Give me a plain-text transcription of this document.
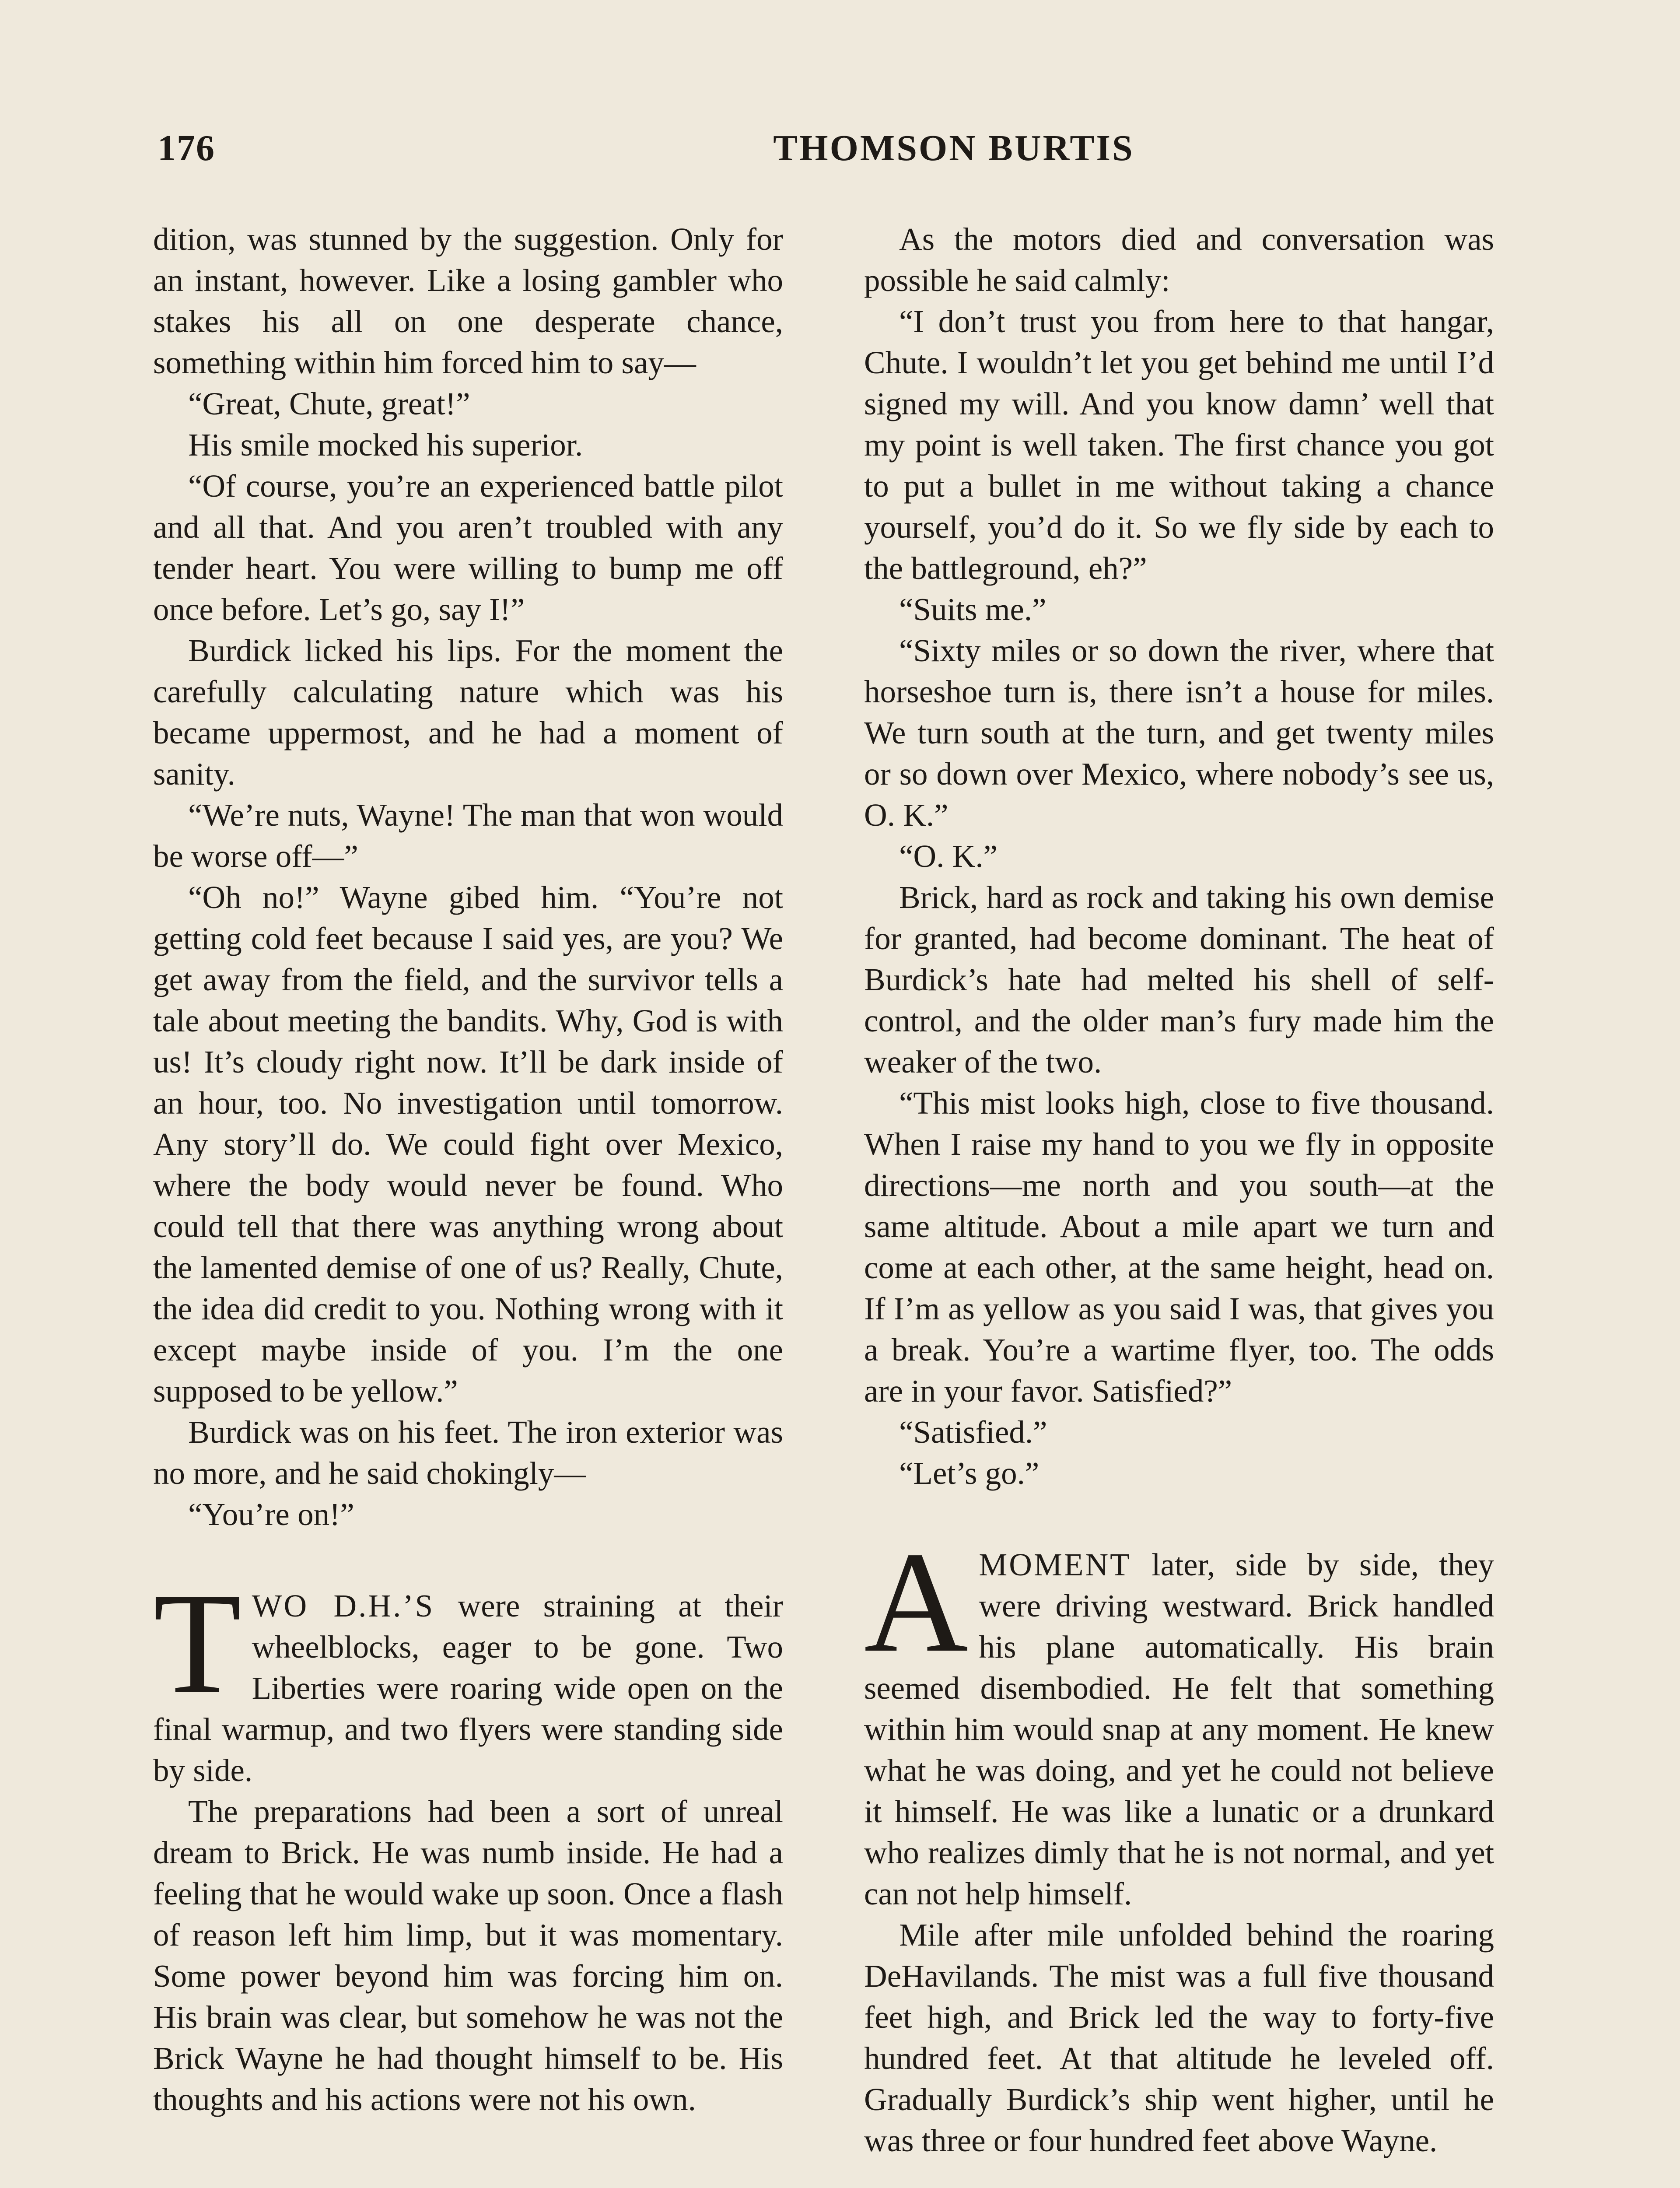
176	THOMSON BURTIS

dition, was stunned by the suggestion. Only for an instant, however. Like a losing gambler who stakes his all on one desperate chance, something within him forced him to say—

“Great, Chute, great!”

His smile mocked his superior.

“Of course, you’re an experienced battle pilot and all that. And you aren’t troubled with any tender heart. You were willing to bump me off once before. Let’s go, say I!”

Burdick licked his lips. For the moment the carefully calculating nature which was his became uppermost, and he had a moment of sanity.

“We’re nuts, Wayne! The man that won would be worse off—”

“Oh no!” Wayne gibed him. “You’re not getting cold feet because I said yes, are you? We get away from the field, and the survivor tells a tale about meeting the bandits. Why, God is with us! It’s cloudy right now. It’ll be dark inside of an hour, too. No investigation until tomorrow. Any story’ll do. We could fight over Mexico, where the body would never be found. Who could tell that there was anything wrong about the lamented demise of one of us? Really, Chute, the idea did credit to you. Nothing wrong with it except maybe inside of you. I’m the one supposed to be yellow.”

Burdick was on his feet. The iron exterior was no more, and he said chokingly—

“You’re on!”

TWO D.H.’S were straining at their wheelblocks, eager to be gone. Two Liberties were roaring wide open on the final warmup, and two flyers were standing side by side.

The preparations had been a sort of unreal dream to Brick. He was numb inside. He had a feeling that he would wake up soon. Once a flash of reason left him limp, but it was momentary. Some power beyond him was forcing him on. His brain was clear, but somehow he was not the Brick Wayne he had thought himself to be. His thoughts and his actions were not his own.

As the motors died and conversation was possible he said calmly:

“I don’t trust you from here to that hangar, Chute. I wouldn’t let you get behind me until I’d signed my will. And you know damn’ well that my point is well taken. The first chance you got to put a bullet in me without taking a chance yourself, you’d do it. So we fly side by each to the battleground, eh?”

“Suits me.”

“Sixty miles or so down the river, where that horseshoe turn is, there isn’t a house for miles. We turn south at the turn, and get twenty miles or so down over Mexico, where nobody’s see us, O. K.”

“O. K.”

Brick, hard as rock and taking his own demise for granted, had become dominant. The heat of Burdick’s hate had melted his shell of self-control, and the older man’s fury made him the weaker of the two.

“This mist looks high, close to five thousand. When I raise my hand to you we fly in opposite directions—me north and you south—at the same altitude. About a mile apart we turn and come at each other, at the same height, head on. If I’m as yellow as you said I was, that gives you a break. You’re a wartime flyer, too. The odds are in your favor. Satisfied?”

“Satisfied.”

“Let’s go.”

AMOMENT later, side by side, they were driving westward. Brick handled his plane automatically. His brain seemed disembodied. He felt that something within him would snap at any moment. He knew what he was doing, and yet he could not believe it himself. He was like a lunatic or a drunkard who realizes dimly that he is not normal, and yet can not help himself.

Mile after mile unfolded behind the roaring DeHavilands. The mist was a full five thousand feet high, and Brick led the way to forty-five hundred feet. At that altitude he leveled off. Gradually Burdick’s ship went higher, until he was three or four hundred feet above Wayne.
